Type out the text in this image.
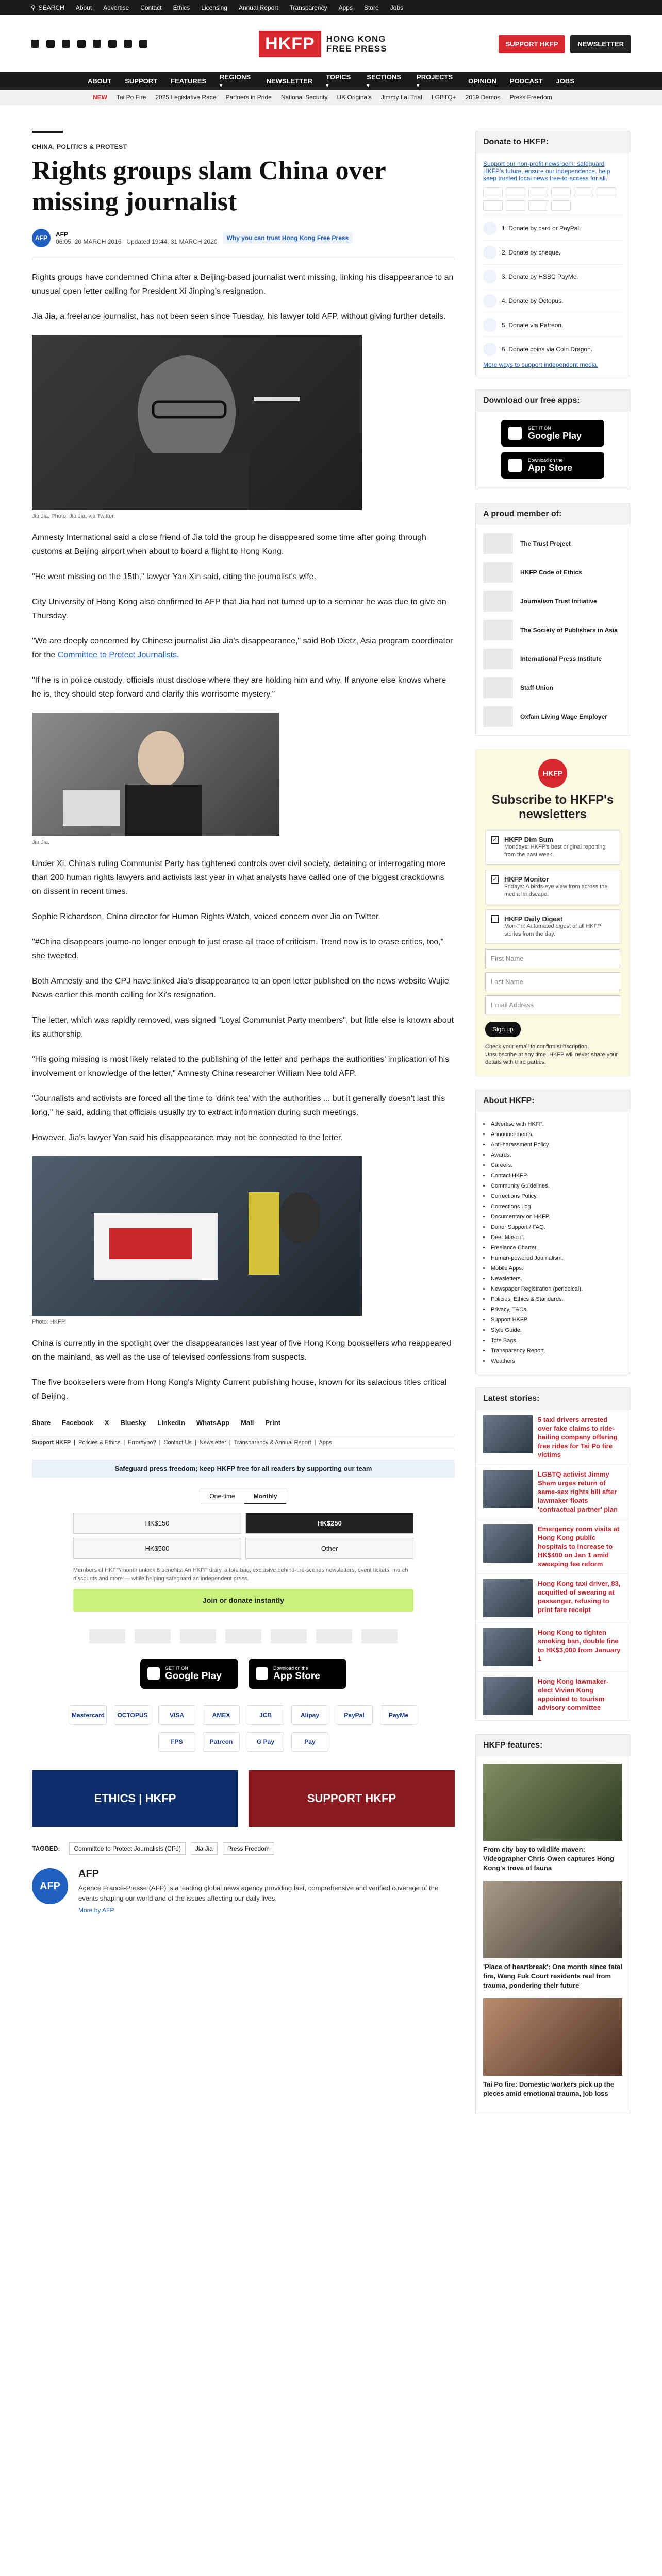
⚲ SEARCH About Advertise Contact Ethics Licensing Annual Report Transparency Apps Store Jobs
HKFP	HONG KONG
FREE PRESS	SUPPORT HKFP	NEWSLETTER
ABOUT SUPPORT FEATURES REGIONS ▾	NEWSLETTER TOPICS ▾	SECTIONS ▾	PROJECTS ▾	OPINION PODCAST JOBS
NEW Tai Po Fire 2025 Legislative Race Partners in Pride National Security UK Originals Jimmy Lai Trial LGBTQ+ 2019 Demos Press Freedom
CHINA, POLITICS & PROTEST
Rights groups slam China over missing journalist
AFP	AFP
06:05, 20 MARCH 2016 Updated 19:44, 31 MARCH 2020	Why you can trust Hong Kong Free Press

Rights groups have condemned China after a Beijing-based journalist went missing, linking his disappearance to an unusual open letter calling for President Xi Jinping's resignation.

Jia Jia, a freelance journalist, has not been seen since Tuesday, his lawyer told AFP, without giving further details.

Jia Jia. Photo: Jia Jia, via Twitter.

Amnesty International said a close friend of Jia told the group he disappeared some time after going through customs at Beijing airport when about to board a flight to Hong Kong.

"He went missing on the 15th," lawyer Yan Xin said, citing the journalist's wife.

City University of Hong Kong also confirmed to AFP that Jia had not turned up to a seminar he was due to give on Thursday.

"We are deeply concerned by Chinese journalist Jia Jia's disappearance," said Bob Dietz, Asia program coordinator for the Committee to Protect Journalists.

"If he is in police custody, officials must disclose where they are holding him and why. If anyone else knows where he is, they should step forward and clarify this worrisome mystery."

Jia Jia.

Under Xi, China's ruling Communist Party has tightened controls over civil society, detaining or interrogating more than 200 human rights lawyers and activists last year in what analysts have called one of the biggest crackdowns on dissent in recent times.

Sophie Richardson, China director for Human Rights Watch, voiced concern over Jia on Twitter.

"#China disappears journo-no longer enough to just erase all trace of criticism. Trend now is to erase critics, too," she tweeted.

Both Amnesty and the CPJ have linked Jia's disappearance to an open letter published on the news website Wujie News earlier this month calling for Xi's resignation.

The letter, which was rapidly removed, was signed "Loyal Communist Party members", but little else is known about its authorship.

"His going missing is most likely related to the publishing of the letter and perhaps the authorities' implication of his involvement or knowledge of the letter," Amnesty China researcher William Nee told AFP.

"Journalists and activists are forced all the time to 'drink tea' with the authorities ... but it generally doesn't last this long," he said, adding that officials usually try to extract information during such meetings.

However, Jia's lawyer Yan said his disappearance may not be connected to the letter.

Photo: HKFP.

China is currently in the spotlight over the disappearances last year of five Hong Kong booksellers who reappeared on the mainland, as well as the use of televised confessions from suspects.

The five booksellers were from Hong Kong's Mighty Current publishing house, known for its salacious titles critical of Beijing.

Share Facebook X Bluesky LinkedIn WhatsApp Mail Print
Support HKFP | Policies & Ethics | Error/typo? | Contact Us | Newsletter | Transparency & Annual Report | Apps
Safeguard press freedom; keep HKFP free for all readers by supporting our team
One-time	Monthly
HK$150	HK$250
HK$500	Other
Members of HKFP/month unlock 8 benefits: An HKFP diary, a tote bag, exclusive behind-the-scenes newsletters, event tickets, merch discounts and more — while helping safeguard an independent press.
Join or donate instantly
GET IT ON
Google Play
Download on the
App Store
Mastercard	OCTOPUS	VISA	AMEX	JCB	Alipay	PayPal	PayMe
FPS	Patreon	G Pay	Pay
ETHICS | HKFP	SUPPORT HKFP
TAGGED:	Committee to Protect Journalists (CPJ)	Jia Jia	Press Freedom
AFP
AFP
Agence France-Presse (AFP) is a leading global news agency providing fast, comprehensive and verified coverage of the events shaping our world and of the issues affecting our daily lives.
More by AFP
Donate to HKFP:
Support our non-profit newsroom: safeguard HKFP's future, ensure our independence, help keep trusted local news free-to-access for all.
1. Donate by card or PayPal.
2. Donate by cheque.
3. Donate by HSBC PayMe.
4. Donate by Octopus.
5. Donate via Patreon.
6. Donate coins via Coin Dragon.
More ways to support independent media.
Download our free apps:
GET IT ON
Google Play
Download on the
App Store
A proud member of:
The Trust Project
HKFP Code of Ethics
Journalism Trust Initiative
The Society of Publishers in Asia
International Press Institute
Staff Union
Oxfam Living Wage Employer
HKFP
Subscribe to HKFP's newsletters
✓ HKFP Dim Sum
Mondays: HKFP's best original reporting from the past week.
✓ HKFP Monitor
Fridays: A birds-eye view from across the media landscape.
HKFP Daily Digest
Mon-Fri: Automated digest of all HKFP stories from the day.
First Name
Last Name
Email Address
Sign up
Check your email to confirm subscription. Unsubscribe at any time. HKFP will never share your details with third parties.
About HKFP:
• Advertise with HKFP.
• Announcements.
• Anti-harassment Policy.
• Awards.
• Careers.
• Contact HKFP.
• Community Guidelines.
• Corrections Policy.
• Corrections Log.
• Documentary on HKFP.
• Donor Support / FAQ.
• Deer Mascot.
• Freelance Charter.
• Human-powered Journalism.
• Mobile Apps.
• Newsletters.
• Newspaper Registration (periodical).
• Policies, Ethics & Standards.
• Privacy, T&Cs.
• Support HKFP.
• Style Guide.
• Tote Bags.
• Transparency Report.
• Weathers
Latest stories:
5 taxi drivers arrested over fake claims to ride-hailing company offering free rides for Tai Po fire victims
LGBTQ activist Jimmy Sham urges return of same-sex rights bill after lawmaker floats 'contractual partner' plan
Emergency room visits at Hong Kong public hospitals to increase to HK$400 on Jan 1 amid sweeping fee reform
Hong Kong taxi driver, 83, acquitted of swearing at passenger, refusing to print fare receipt
Hong Kong to tighten smoking ban, double fine to HK$3,000 from January 1
Hong Kong lawmaker-elect Vivian Kong appointed to tourism advisory committee
HKFP features:
From city boy to wildlife maven: Videographer Chris Owen captures Hong Kong's trove of fauna
'Place of heartbreak': One month since fatal fire, Wang Fuk Court residents reel from trauma, pondering their future
Tai Po fire: Domestic workers pick up the pieces amid emotional trauma, job loss
